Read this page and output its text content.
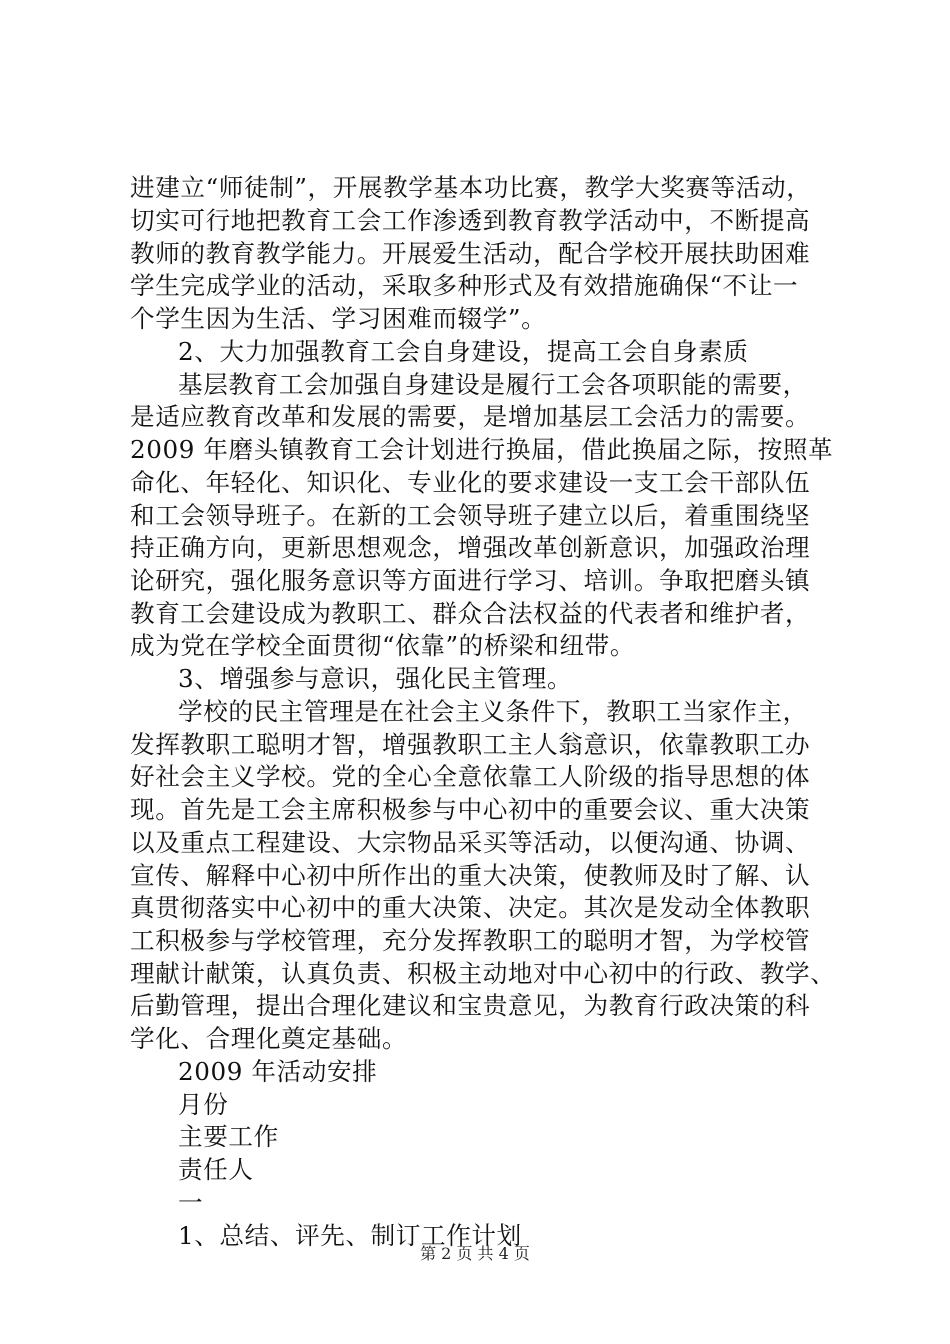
进建立“师徒制”，开展教学基本功比赛，教学大奖赛等活动，
切实可行地把教育工会工作渗透到教育教学活动中，不断提高
教师的教育教学能力。开展爱生活动，配合学校开展扶助困难
学生完成学业的活动，采取多种形式及有效措施确保“不让一
个学生因为生活、学习困难而辍学”。
2、大力加强教育工会自身建设，提高工会自身素质
基层教育工会加强自身建设是履行工会各项职能的需要，
是适应教育改革和发展的需要，是增加基层工会活力的需要。
2009 年磨头镇教育工会计划进行换届，借此换届之际，按照革
命化、年轻化、知识化、专业化的要求建设一支工会干部队伍
和工会领导班子。在新的工会领导班子建立以后，着重围绕坚
持正确方向，更新思想观念，增强改革创新意识，加强政治理
论研究，强化服务意识等方面进行学习、培训。争取把磨头镇
教育工会建设成为教职工、群众合法权益的代表者和维护者，
成为党在学校全面贯彻“依靠”的桥梁和纽带。
3、增强参与意识，强化民主管理。
学校的民主管理是在社会主义条件下，教职工当家作主，
发挥教职工聪明才智，增强教职工主人翁意识，依靠教职工办
好社会主义学校。党的全心全意依靠工人阶级的指导思想的体
现。首先是工会主席积极参与中心初中的重要会议、重大决策
以及重点工程建设、大宗物品采买等活动，以便沟通、协调、
宣传、解释中心初中所作出的重大决策，使教师及时了解、认
真贯彻落实中心初中的重大决策、决定。其次是发动全体教职
工积极参与学校管理，充分发挥教职工的聪明才智，为学校管
理献计献策，认真负责、积极主动地对中心初中的行政、教学、
后勤管理，提出合理化建议和宝贵意见，为教育行政决策的科
学化、合理化奠定基础。
2009 年活动安排
月份
主要工作
责任人
一
1、总结、评先、制订工作计划
第 2 页 共 4 页
